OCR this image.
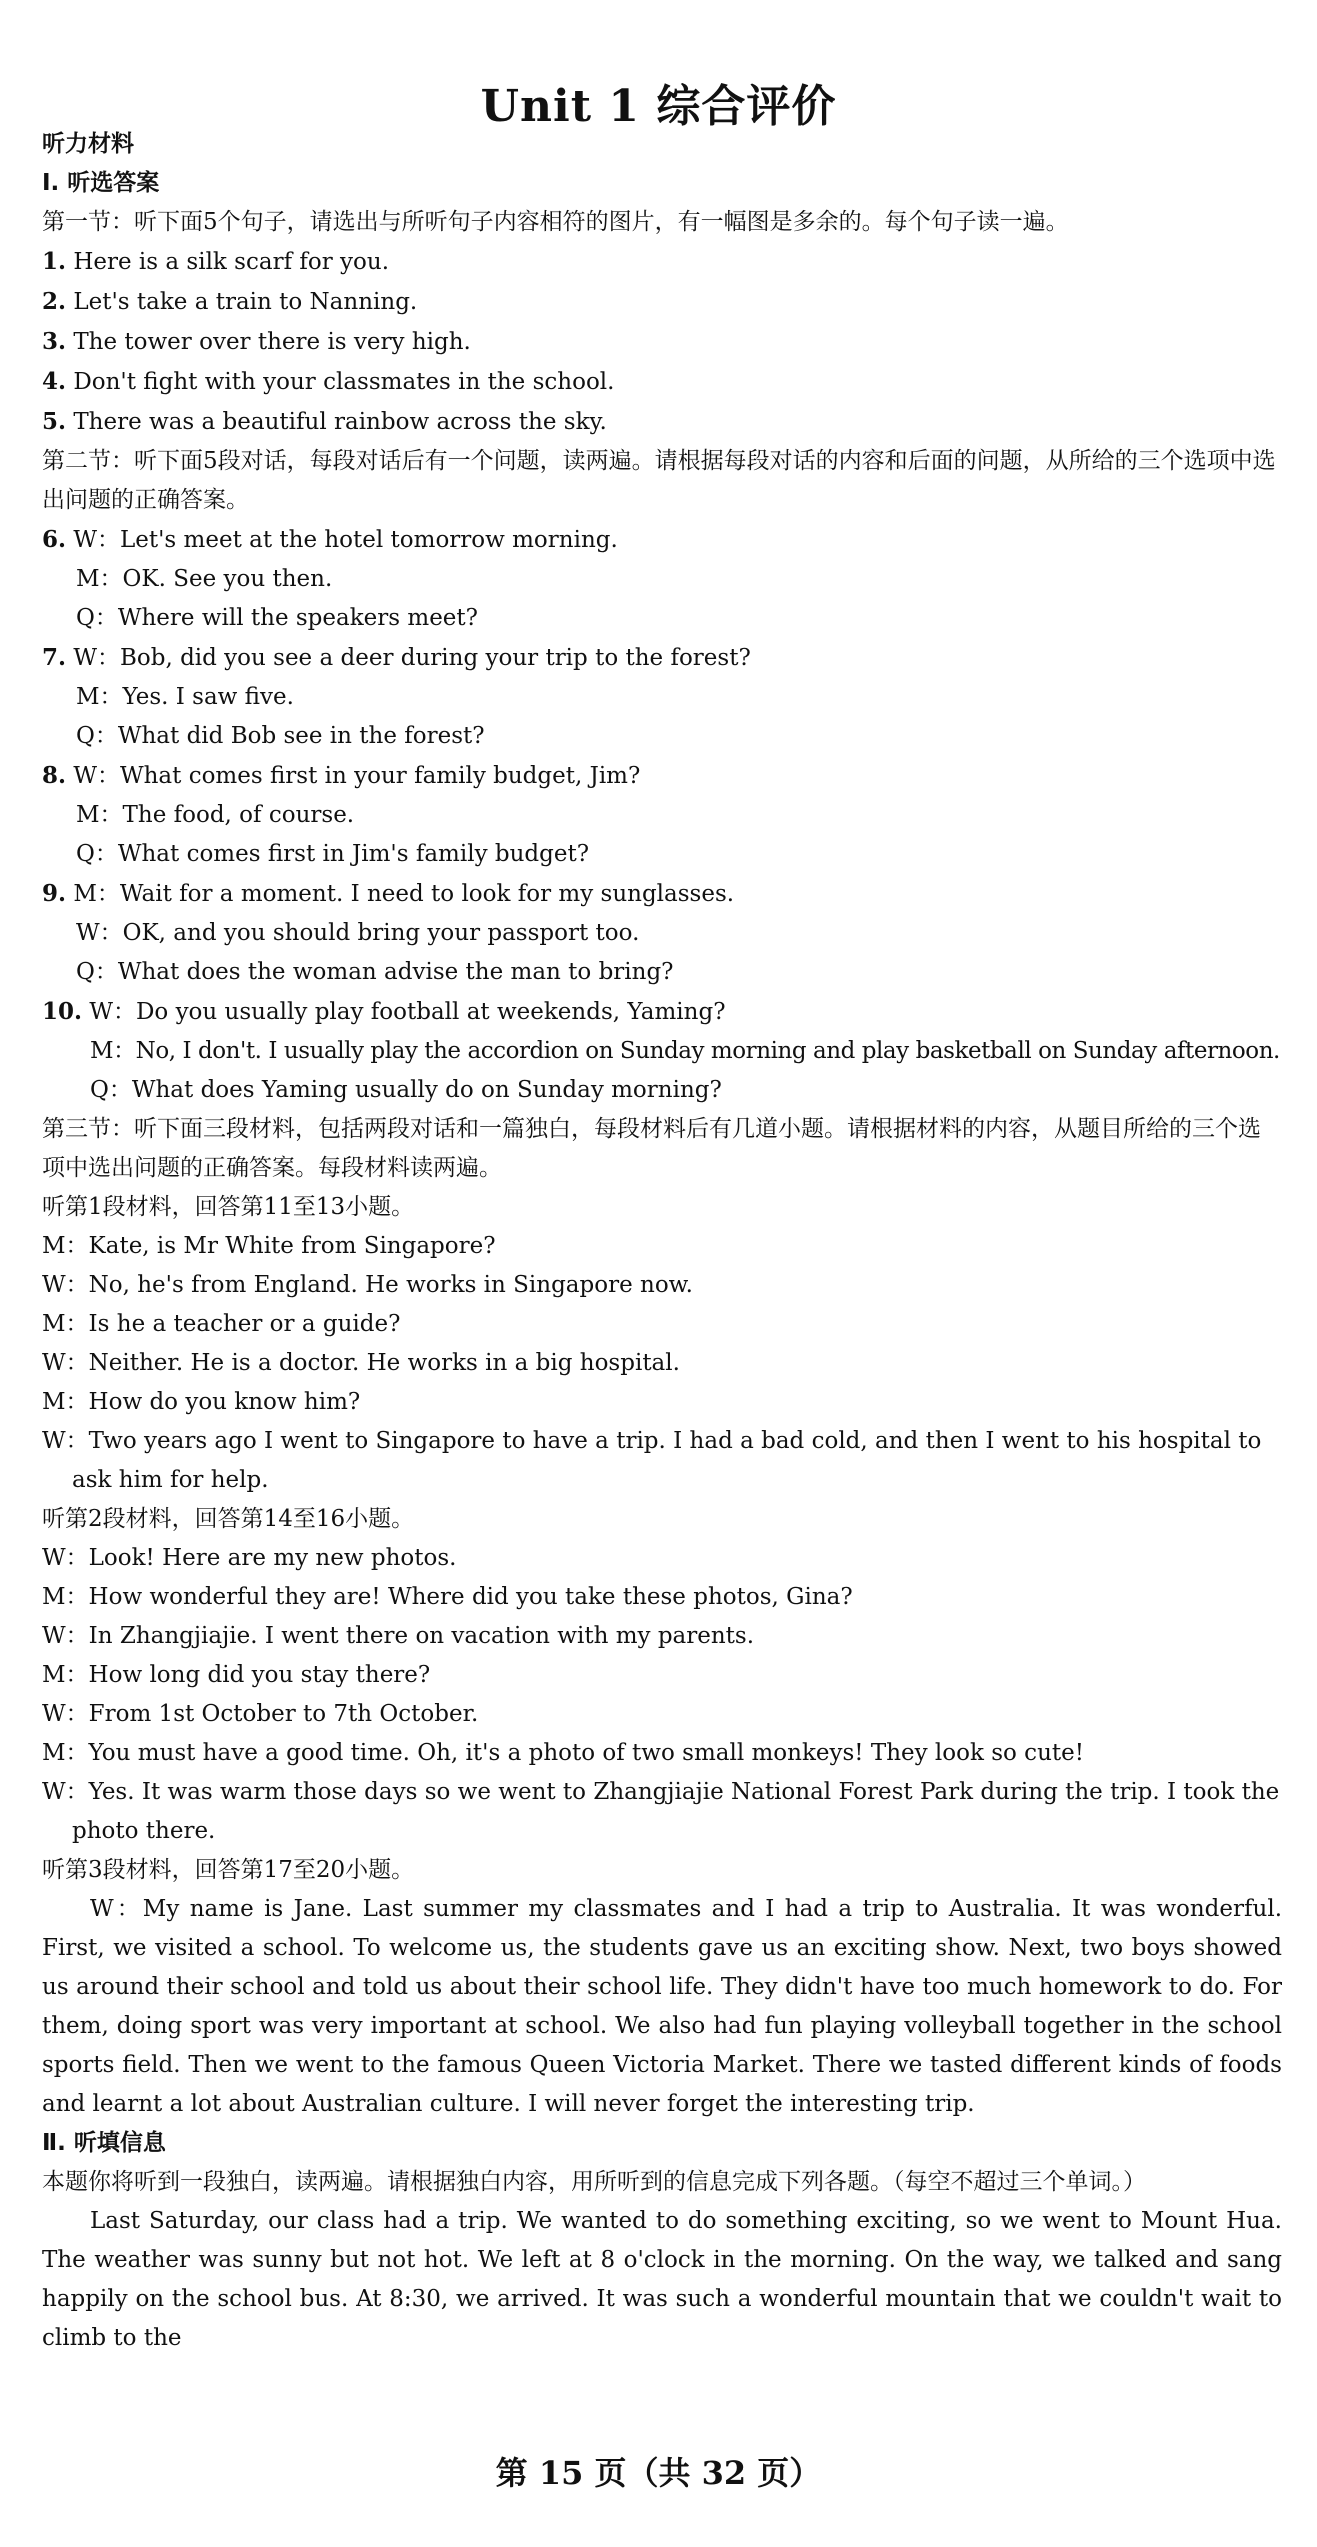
Unit 1 综合评价
听力材料
Ⅰ. 听选答案
第一节：听下面5个句子，请选出与所听句子内容相符的图片，有一幅图是多余的。每个句子读一遍。
1. Here is a silk scarf for you.
2. Let's take a train to Nanning.
3. The tower over there is very high.
4. Don't fight with your classmates in the school.
5. There was a beautiful rainbow across the sky.
第二节：听下面5段对话，每段对话后有一个问题，读两遍。请根据每段对话的内容和后面的问题，从所给的三个选项中选出问题的正确答案。
6. W：Let's meet at the hotel tomorrow morning.
M：OK. See you then.
Q：Where will the speakers meet?
7. W：Bob, did you see a deer during your trip to the forest?
M：Yes. I saw five.
Q：What did Bob see in the forest?
8. W：What comes first in your family budget, Jim?
M：The food, of course.
Q：What comes first in Jim's family budget?
9. M：Wait for a moment. I need to look for my sunglasses.
W：OK, and you should bring your passport too.
Q：What does the woman advise the man to bring?
10. W：Do you usually play football at weekends, Yaming?
M：No, I don't. I usually play the accordion on Sunday morning and play basketball on Sunday afternoon.
Q：What does Yaming usually do on Sunday morning?
第三节：听下面三段材料，包括两段对话和一篇独白，每段材料后有几道小题。请根据材料的内容，从题目所给的三个选项中选出问题的正确答案。每段材料读两遍。
听第1段材料，回答第11至13小题。
M：Kate, is Mr White from Singapore?
W：No, he's from England. He works in Singapore now.
M：Is he a teacher or a guide?
W：Neither. He is a doctor. He works in a big hospital.
M：How do you know him?
W：Two years ago I went to Singapore to have a trip. I had a bad cold, and then I went to his hospital to ask him for help.
听第2段材料，回答第14至16小题。
W：Look! Here are my new photos.
M：How wonderful they are! Where did you take these photos, Gina?
W：In Zhangjiajie. I went there on vacation with my parents.
M：How long did you stay there?
W：From 1st October to 7th October.
M：You must have a good time. Oh, it's a photo of two small monkeys! They look so cute!
W：Yes. It was warm those days so we went to Zhangjiajie National Forest Park during the trip. I took the photo there.
听第3段材料，回答第17至20小题。
W：My name is Jane. Last summer my classmates and I had a trip to Australia. It was wonderful. First, we visited a school. To welcome us, the students gave us an exciting show. Next, two boys showed us around their school and told us about their school life. They didn't have too much homework to do. For them, doing sport was very important at school. We also had fun playing volleyball together in the school sports field. Then we went to the famous Queen Victoria Market. There we tasted different kinds of foods and learnt a lot about Australian culture. I will never forget the interesting trip.
Ⅱ. 听填信息
本题你将听到一段独白，读两遍。请根据独白内容，用所听到的信息完成下列各题。（每空不超过三个单词。）
Last Saturday, our class had a trip. We wanted to do something exciting, so we went to Mount Hua. The weather was sunny but not hot. We left at 8 o'clock in the morning. On the way, we talked and sang happily on the school bus. At 8:30, we arrived. It was such a wonderful mountain that we couldn't wait to climb to the
第 15 页（共 32 页）
